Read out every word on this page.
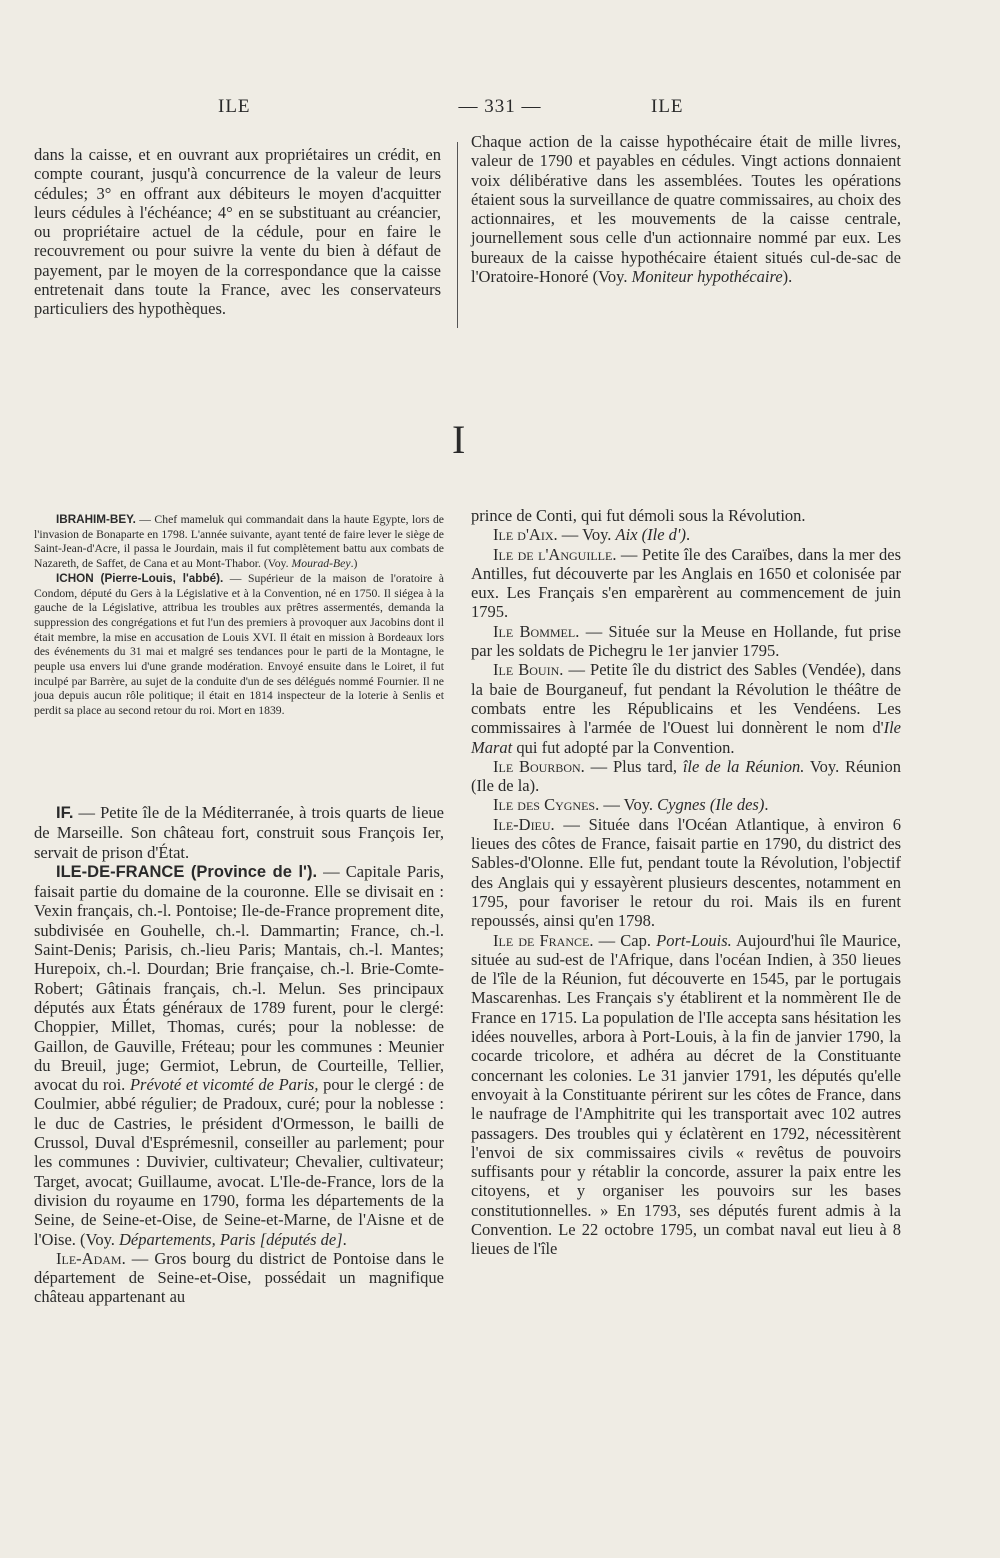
ILE	— 331 —	ILE

dans la caisse, et en ouvrant aux propriétaires un crédit, en compte courant, jusqu'à concurrence de la valeur de leurs cédules; 3° en offrant aux débiteurs le moyen d'acquitter leurs cédules à l'échéance; 4° en se substituant au créancier, ou propriétaire actuel de la cédule, pour en faire le recouvrement ou pour suivre la vente du bien à défaut de payement, par le moyen de la correspondance que la caisse entretenait dans toute la France, avec les conservateurs particuliers des hypothèques.

Chaque action de la caisse hypothécaire était de mille livres, valeur de 1790 et payables en cédules. Vingt actions donnaient voix délibérative dans les assemblées. Toutes les opérations étaient sous la surveillance de quatre commissaires, au choix des actionnaires, et les mouvements de la caisse centrale, journellement sous celle d'un actionnaire nommé par eux. Les bureaux de la caisse hypothécaire étaient situés cul-de-sac de l'Oratoire-Honoré (Voy. Moniteur hypothécaire).

I

IBRAHIM-BEY. — Chef mameluk qui commandait dans la haute Egypte, lors de l'invasion de Bonaparte en 1798. L'année suivante, ayant tenté de faire lever le siège de Saint-Jean-d'Acre, il passa le Jourdain, mais il fut complètement battu aux combats de Nazareth, de Saffet, de Cana et au Mont-Thabor. (Voy. Mourad-Bey.)

ICHON (Pierre-Louis, l'abbé). — Supérieur de la maison de l'oratoire à Condom, député du Gers à la Législative et à la Convention, né en 1750. Il siégea à la gauche de la Législative, attribua les troubles aux prêtres assermentés, demanda la suppression des congrégations et fut l'un des premiers à provoquer aux Jacobins dont il était membre, la mise en accusation de Louis XVI. Il était en mission à Bordeaux lors des événements du 31 mai et malgré ses tendances pour le parti de la Montagne, le peuple usa envers lui d'une grande modération. Envoyé ensuite dans le Loiret, il fut inculpé par Barrère, au sujet de la conduite d'un de ses délégués nommé Fournier. Il ne joua depuis aucun rôle politique; il était en 1814 inspecteur de la loterie à Senlis et perdit sa place au second retour du roi. Mort en 1839.

IF. — Petite île de la Méditerranée, à trois quarts de lieue de Marseille. Son château fort, construit sous François Ier, servait de prison d'État.

ILE-DE-FRANCE (Province de l'). — Capitale Paris, faisait partie du domaine de la couronne. Elle se divisait en : Vexin français, ch.-l. Pontoise; Ile-de-France proprement dite, subdivisée en Gouhelle, ch.-l. Dammartin; France, ch.-l. Saint-Denis; Parisis, ch.-lieu Paris; Mantais, ch.-l. Mantes; Hurepoix, ch.-l. Dourdan; Brie française, ch.-l. Brie-Comte-Robert; Gâtinais français, ch.-l. Melun. Ses principaux députés aux États généraux de 1789 furent, pour le clergé: Choppier, Millet, Thomas, curés; pour la noblesse: de Gaillon, de Gauville, Fréteau; pour les communes : Meunier du Breuil, juge; Germiot, Lebrun, de Courteille, Tellier, avocat du roi. Prévoté et vicomté de Paris, pour le clergé : de Coulmier, abbé régulier; de Pradoux, curé; pour la noblesse : le duc de Castries, le président d'Ormesson, le bailli de Crussol, Duval d'Esprémesnil, conseiller au parlement; pour les communes : Duvivier, cultivateur; Chevalier, cultivateur; Target, avocat; Guillaume, avocat. L'Ile-de-France, lors de la division du royaume en 1790, forma les départements de la Seine, de Seine-et-Oise, de Seine-et-Marne, de l'Aisne et de l'Oise. (Voy. Départements, Paris [députés de].

Ile-Adam. — Gros bourg du district de Pontoise dans le département de Seine-et-Oise, possédait un magnifique château appartenant au

prince de Conti, qui fut démoli sous la Révolution.

Ile d'Aix. — Voy. Aix (Ile d').

Ile de l'Anguille. — Petite île des Caraïbes, dans la mer des Antilles, fut découverte par les Anglais en 1650 et colonisée par eux. Les Français s'en emparèrent au commencement de juin 1795.

Ile Bommel. — Située sur la Meuse en Hollande, fut prise par les soldats de Pichegru le 1er janvier 1795.

Ile Bouin. — Petite île du district des Sables (Vendée), dans la baie de Bourganeuf, fut pendant la Révolution le théâtre de combats entre les Républicains et les Vendéens. Les commissaires à l'armée de l'Ouest lui donnèrent le nom d'Ile Marat qui fut adopté par la Convention.

Ile Bourbon. — Plus tard, île de la Réunion. Voy. Réunion (Ile de la).

Ile des Cygnes. — Voy. Cygnes (Ile des).

Ile-Dieu. — Située dans l'Océan Atlantique, à environ 6 lieues des côtes de France, faisait partie en 1790, du district des Sables-d'Olonne. Elle fut, pendant toute la Révolution, l'objectif des Anglais qui y essayèrent plusieurs descentes, notamment en 1795, pour favoriser le retour du roi. Mais ils en furent repoussés, ainsi qu'en 1798.

Ile de France. — Cap. Port-Louis. Aujourd'hui île Maurice, située au sud-est de l'Afrique, dans l'océan Indien, à 350 lieues de l'île de la Réunion, fut découverte en 1545, par le portugais Mascarenhas. Les Français s'y établirent et la nommèrent Ile de France en 1715. La population de l'Ile accepta sans hésitation les idées nouvelles, arbora à Port-Louis, à la fin de janvier 1790, la cocarde tricolore, et adhéra au décret de la Constituante concernant les colonies. Le 31 janvier 1791, les députés qu'elle envoyait à la Constituante périrent sur les côtes de France, dans le naufrage de l'Amphitrite qui les transportait avec 102 autres passagers. Des troubles qui y éclatèrent en 1792, nécessitèrent l'envoi de six commissaires civils « revêtus de pouvoirs suffisants pour y rétablir la concorde, assurer la paix entre les citoyens, et y organiser les pouvoirs sur les bases constitutionnelles. » En 1793, ses députés furent admis à la Convention. Le 22 octobre 1795, un combat naval eut lieu à 8 lieues de l'île
